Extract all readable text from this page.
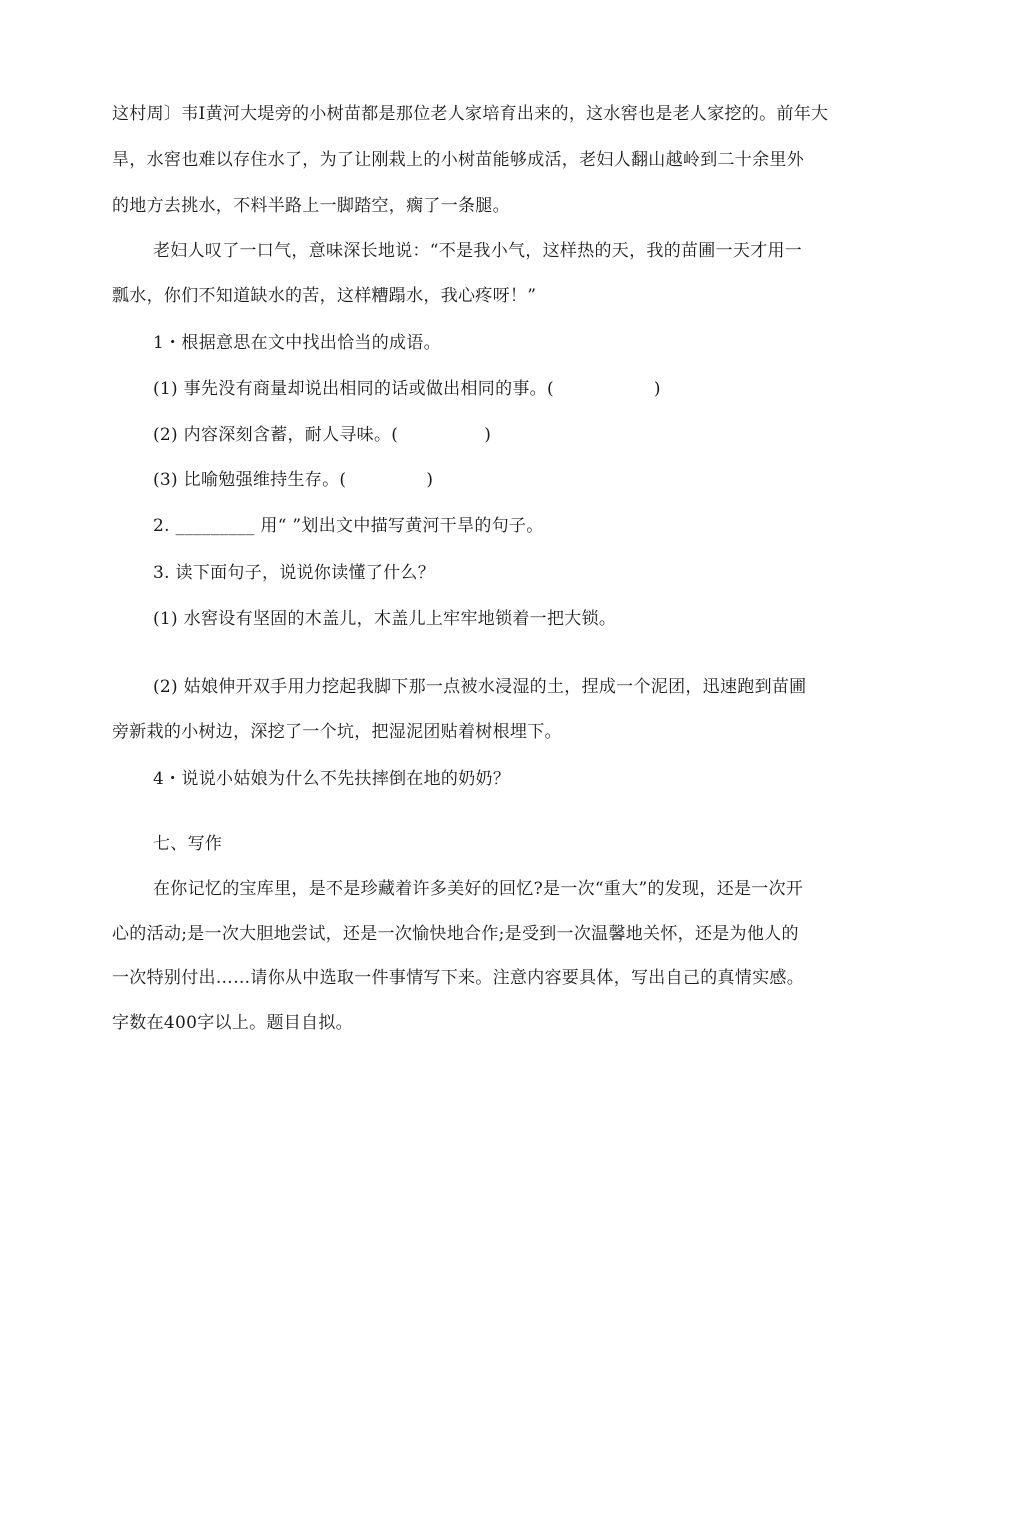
这村周〕韦I黄河大堤旁的小树苗都是那位老人家培育出来的，这水窖也是老人家挖的。前年大
旱，水窖也难以存住水了，为了让刚栽上的小树苗能够成活，老妇人翻山越岭到二十余里外
的地方去挑水，不料半路上一脚踏空，瘸了一条腿。
老妇人叹了一口气，意味深长地说：“不是我小气，这样热的天，我的苗圃一天才用一
瓢水，你们不知道缺水的苦，这样糟蹋水，我心疼呀！”
1・根据意思在文中找出恰当的成语。
(1) 事先没有商量却说出相同的话或做出相同的事。(	)
(2) 内容深刻含蓄，耐人寻味。(	)
(3) 比喻勉强维持生存。(	)
2. _________ 用“ ”划出文中描写黄河干旱的句子。
3. 读下面句子，说说你读懂了什么？
(1) 水窖设有坚固的木盖儿，木盖儿上牢牢地锁着一把大锁。
(2) 姑娘伸开双手用力挖起我脚下那一点被水浸湿的土，捏成一个泥团，迅速跑到苗圃
旁新栽的小树边，深挖了一个坑，把湿泥团贴着树根埋下。
4・说说小姑娘为什么不先扶摔倒在地的奶奶？
七、写作
在你记忆的宝库里，是不是珍藏着许多美好的回忆?是一次“重大”的发现，还是一次开
心的活动;是一次大胆地尝试，还是一次愉快地合作;是受到一次温馨地关怀，还是为他人的
一次特别付出……请你从中选取一件事情写下来。注意内容要具体，写出自己的真情实感。
字数在400字以上。题目自拟。
